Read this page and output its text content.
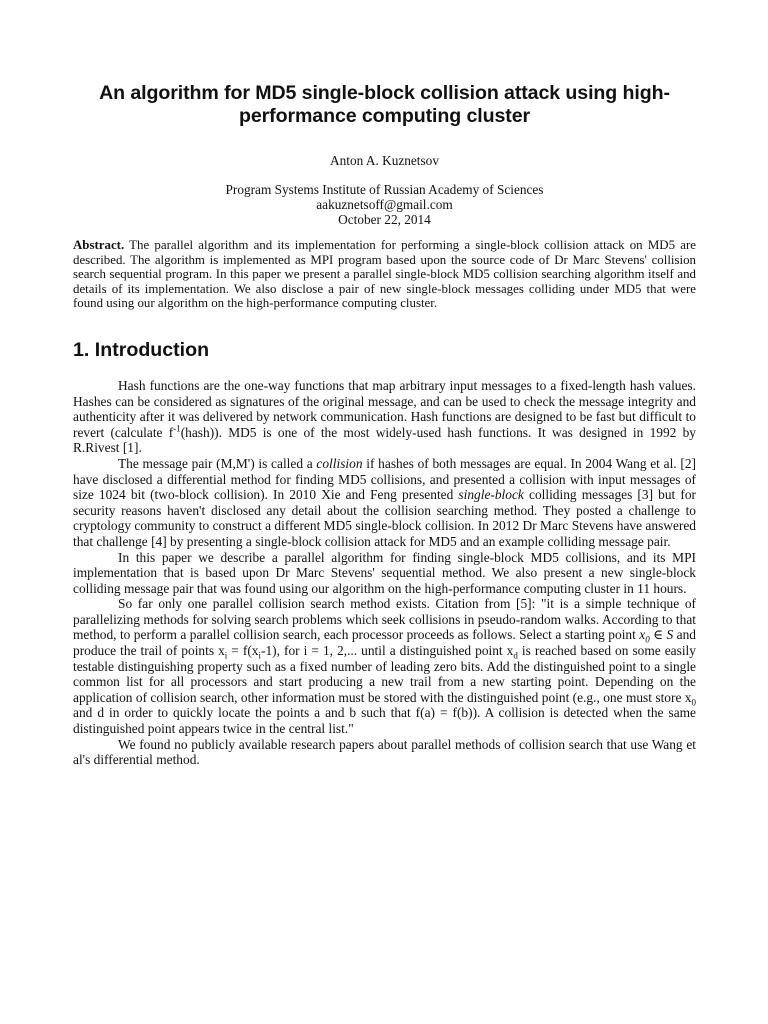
An algorithm for MD5 single-block collision attack using high-performance computing cluster
Anton A. Kuznetsov
Program Systems Institute of Russian Academy of Sciences
aakuznetsoff@gmail.com
October 22, 2014

Abstract. The parallel algorithm and its implementation for performing a single-block collision attack on MD5 are described. The algorithm is implemented as MPI program based upon the source code of Dr Marc Stevens' collision search sequential program. In this paper we present a parallel single-block MD5 collision searching algorithm itself and details of its implementation. We also disclose a pair of new single-block messages colliding under MD5 that were found using our algorithm on the high-performance computing cluster.

1. Introduction

Hash functions are the one-way functions that map arbitrary input messages to a fixed-length hash values. Hashes can be considered as signatures of the original message, and can be used to check the message integrity and authenticity after it was delivered by network communication. Hash functions are designed to be fast but difficult to revert (calculate $f^{-1}(hash)$). MD5 is one of the most widely-used hash functions. It was designed in 1992 by R.Rivest [1].

The message pair (M,M') is called a collision if hashes of both messages are equal. In 2004 Wang et al. [2] have disclosed a differential method for finding MD5 collisions, and presented a collision with input messages of size 1024 bit (two-block collision). In 2010 Xie and Feng presented single-block colliding messages [3] but for security reasons haven't disclosed any detail about the collision searching method. They posted a challenge to cryptology community to construct a different MD5 single-block collision. In 2012 Dr Marc Stevens have answered that challenge [4] by presenting a single-block collision attack for MD5 and an example colliding message pair.

In this paper we describe a parallel algorithm for finding single-block MD5 collisions, and its MPI implementation that is based upon Dr Marc Stevens' sequential method. We also present a new single-block colliding message pair that was found using our algorithm on the high-performance computing cluster in 11 hours.

So far only one parallel collision search method exists. Citation from [5]: "it is a simple technique of parallelizing methods for solving search problems which seek collisions in pseudo-random walks. According to that method, to perform a parallel collision search, each processor proceeds as follows. Select a starting point $x_0$ ∈ S and produce the trail of points $x_i = f(x_i-1)$, for i = 1, 2,... until a distinguished point $x_d$ is reached based on some easily testable distinguishing property such as a fixed number of leading zero bits. Add the distinguished point to a single common list for all processors and start producing a new trail from a new starting point. Depending on the application of collision search, other information must be stored with the distinguished point (e.g., one must store $x_0$ and d in order to quickly locate the points a and b such that f(a) = f(b)). A collision is detected when the same distinguished point appears twice in the central list."

We found no publicly available research papers about parallel methods of collision search that use Wang et al's differential method.
